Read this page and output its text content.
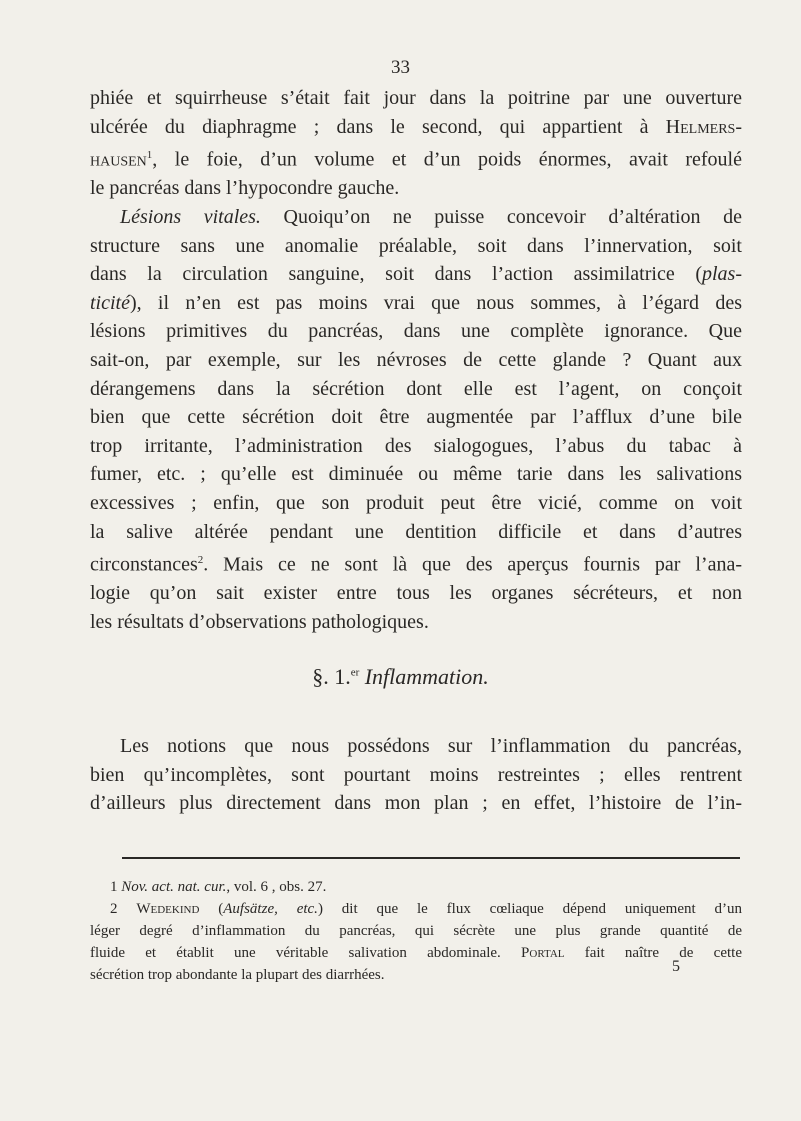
33
phiée et squirrheuse s’était fait jour dans la poitrine par une ouverture
ulcérée du diaphragme ; dans le second, qui appartient à Helmers-
hausen$^1$, le foie, d’un volume et d’un poids énormes, avait refoulé
le pancréas dans l’hypocondre gauche.
Lésions vitales. Quoiqu’on ne puisse concevoir d’altération de
structure sans une anomalie préalable, soit dans l’innervation, soit
dans la circulation sanguine, soit dans l’action assimilatrice (plas-
ticité), il n’en est pas moins vrai que nous sommes, à l’égard des
lésions primitives du pancréas, dans une complète ignorance. Que
sait-on, par exemple, sur les névroses de cette glande ? Quant aux
dérangemens dans la sécrétion dont elle est l’agent, on conçoit
bien que cette sécrétion doit être augmentée par l’afflux d’une bile
trop irritante, l’administration des sialogogues, l’abus du tabac à
fumer, etc. ; qu’elle est diminuée ou même tarie dans les salivations
excessives ; enfin, que son produit peut être vicié, comme on voit
la salive altérée pendant une dentition difficile et dans d’autres
circonstances$^2$. Mais ce ne sont là que des aperçus fournis par l’ana-
logie qu’on sait exister entre tous les organes sécréteurs, et non
les résultats d’observations pathologiques.
§. 1.$^{er}$ Inflammation.
Les notions que nous possédons sur l’inflammation du pancréas,
bien qu’incomplètes, sont pourtant moins restreintes ; elles rentrent
d’ailleurs plus directement dans mon plan ; en effet, l’histoire de l’in-
1 Nov. act. nat. cur., vol. 6 , obs. 27.
2 Wedekind (Aufsätze, etc.) dit que le flux cœliaque dépend uniquement d’un
léger degré d’inflammation du pancréas, qui sécrète une plus grande quantité de
fluide et établit une véritable salivation abdominale. Portal fait naître de cette
sécrétion trop abondante la plupart des diarrhées.	5
